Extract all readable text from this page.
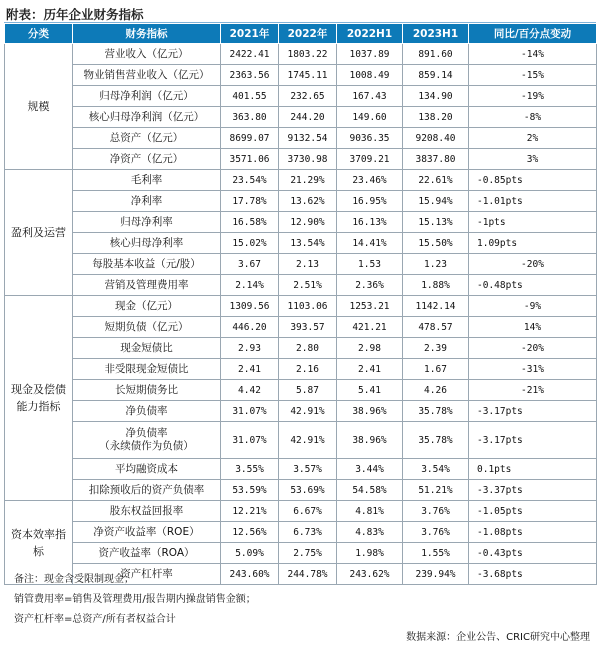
附表：历年企业财务指标
分类	财务指标	2021年	2022年	2022H1	2023H1	同比/百分点变动
规模	营业收入（亿元）	2422.41	1803.22	1037.89	891.60	-14%

	物业销售营业收入（亿元）	2363.56	1745.11	1008.49	859.14	-15%

	归母净利润（亿元）	401.55	232.65	167.43	134.90	-19%

	核心归母净利润（亿元）	363.80	244.20	149.60	138.20	-8%

	总资产（亿元）	8699.07	9132.54	9036.35	9208.40	2%

	净资产（亿元）	3571.06	3730.98	3709.21	3837.80	3%
盈利及运营	毛利率	23.54%	21.29%	23.46%	22.61%	-0.85pts

	净利率	17.78%	13.62%	16.95%	15.94%	-1.01pts

	归母净利率	16.58%	12.90%	16.13%	15.13%	-1pts

	核心归母净利率	15.02%	13.54%	14.41%	15.50%	1.09pts

	每股基本收益（元/股）	3.67	2.13	1.53	1.23	-20%

	营销及管理费用率	2.14%	2.51%	2.36%	1.88%	-0.48pts
现金及偿债能力指标	现金（亿元）	1309.56	1103.06	1253.21	1142.14	-9%

	短期负债（亿元）	446.20	393.57	421.21	478.57	14%

	现金短债比	2.93	2.80	2.98	2.39	-20%

	非受限现金短债比	2.41	2.16	2.41	1.67	-31%

	长短期债务比	4.42	5.87	5.41	4.26	-21%

	净负债率	31.07%	42.91%	38.96%	35.78%	-3.17pts

	净负债率
（永续债作为负债）	31.07%	42.91%	38.96%	35.78%	-3.17pts

	平均融资成本	3.55%	3.57%	3.44%	3.54%	0.1pts

	扣除预收后的资产负债率	53.59%	53.69%	54.58%	51.21%	-3.37pts
资本效率指标	股东权益回报率	12.21%	6.67%	4.81%	3.76%	-1.05pts

	净资产收益率（ROE）	12.56%	6.73%	4.83%	3.76%	-1.08pts

	资产收益率（ROA）	5.09%	2.75%	1.98%	1.55%	-0.43pts

	资产杠杆率	243.60%	244.78%	243.62%	239.94%	-3.68pts
备注：现金含受限制现金；
销管费用率=销售及管理费用/报告期内操盘销售金额；
资产杠杆率=总资产/所有者权益合计
数据来源：企业公告、CRIC研究中心整理
